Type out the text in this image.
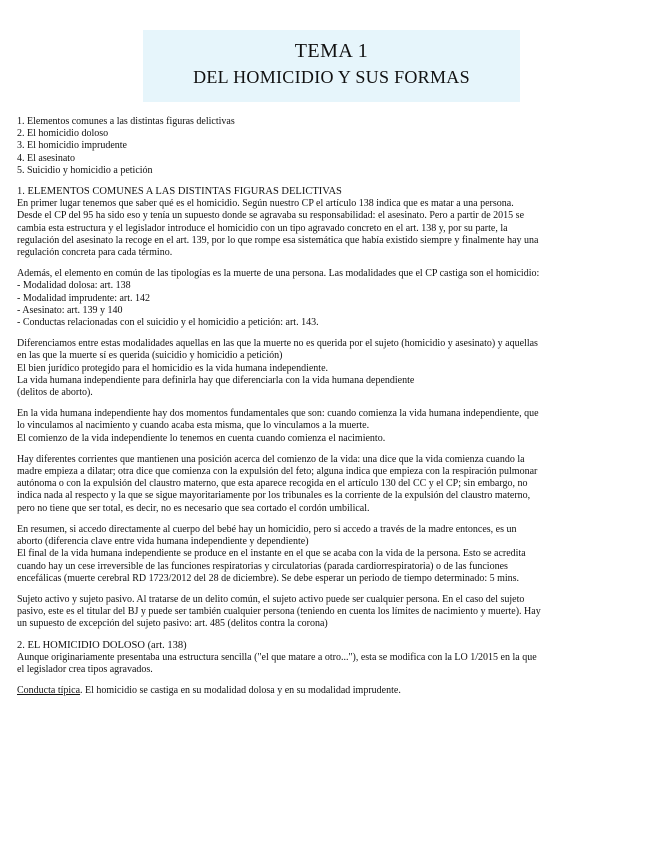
TEMA 1
DEL HOMICIDIO Y SUS FORMAS
1. Elementos comunes a las distintas figuras delictivas
2. El homicidio doloso
3. El homicidio imprudente
4. El asesinato
5. Suicidio y homicidio a petición
1. ELEMENTOS COMUNES A LAS DISTINTAS FIGURAS DELICTIVAS
En primer lugar tenemos que saber qué es el homicidio. Según nuestro CP el artículo 138 indica que es matar a una persona.
Desde el CP del 95 ha sido eso y tenía un supuesto donde se agravaba su responsabilidad: el asesinato. Pero a partir de 2015 se
cambia esta estructura y el legislador introduce el homicidio con un tipo agravado concreto en el art. 138 y, por su parte, la
regulación del asesinato la recoge en el art. 139, por lo que rompe esa sistemática que había existido siempre y finalmente hay una
regulación concreta para cada término.
Además, el elemento en común de las tipologías es la muerte de una persona. Las modalidades que el CP castiga son el homicidio:
- Modalidad dolosa: art. 138
- Modalidad imprudente: art. 142
- Asesinato: art. 139 y 140
- Conductas relacionadas con el suicidio y el homicidio a petición: art. 143.
Diferenciamos entre estas modalidades aquellas en las que la muerte no es querida por el sujeto (homicidio y asesinato) y aquellas
en las que la muerte sí es querida (suicidio y homicidio a petición)
El bien jurídico protegido para el homicidio es la vida humana independiente.
La vida humana independiente para definirla hay que diferenciarla con la vida humana dependiente
(delitos de aborto).
En la vida humana independiente hay dos momentos fundamentales que son: cuando comienza la vida humana independiente, que
lo vinculamos al nacimiento y cuando acaba esta misma, que lo vinculamos a la muerte.
El comienzo de la vida independiente lo tenemos en cuenta cuando comienza el nacimiento.
Hay diferentes corrientes que mantienen una posición acerca del comienzo de la vida: una dice que la vida comienza cuando la
madre empieza a dilatar; otra dice que comienza con la expulsión del feto; alguna indica que empieza con la respiración pulmonar
autónoma o con la expulsión del claustro materno, que esta aparece recogida en el artículo 130 del CC y el CP; sin embargo, no
indica nada al respecto y la que se sigue mayoritariamente por los tribunales es la corriente de la expulsión del claustro materno,
pero no tiene que ser total, es decir, no es necesario que sea cortado el cordón umbilical.
En resumen, si accedo directamente al cuerpo del bebé hay un homicidio, pero si accedo a través de la madre entonces, es un
aborto (diferencia clave entre vida humana independiente y dependiente)
El final de la vida humana independiente se produce en el instante en el que se acaba con la vida de la persona. Esto se acredita
cuando hay un cese irreversible de las funciones respiratorias y circulatorias (parada cardiorrespiratoria) o de las funciones
encefálicas (muerte cerebral RD 1723/2012 del 28 de diciembre). Se debe esperar un periodo de tiempo determinado: 5 mins.
Sujeto activo y sujeto pasivo. Al tratarse de un delito común, el sujeto activo puede ser cualquier persona. En el caso del sujeto
pasivo, este es el titular del BJ y puede ser también cualquier persona (teniendo en cuenta los límites de nacimiento y muerte). Hay
un supuesto de excepción del sujeto pasivo: art. 485 (delitos contra la corona)
2. EL HOMICIDIO DOLOSO (art. 138)
Aunque originariamente presentaba una estructura sencilla ("el que matare a otro..."), esta se modifica con la LO 1/2015 en la que
el legislador crea tipos agravados.
Conducta típica. El homicidio se castiga en su modalidad dolosa y en su modalidad imprudente.
